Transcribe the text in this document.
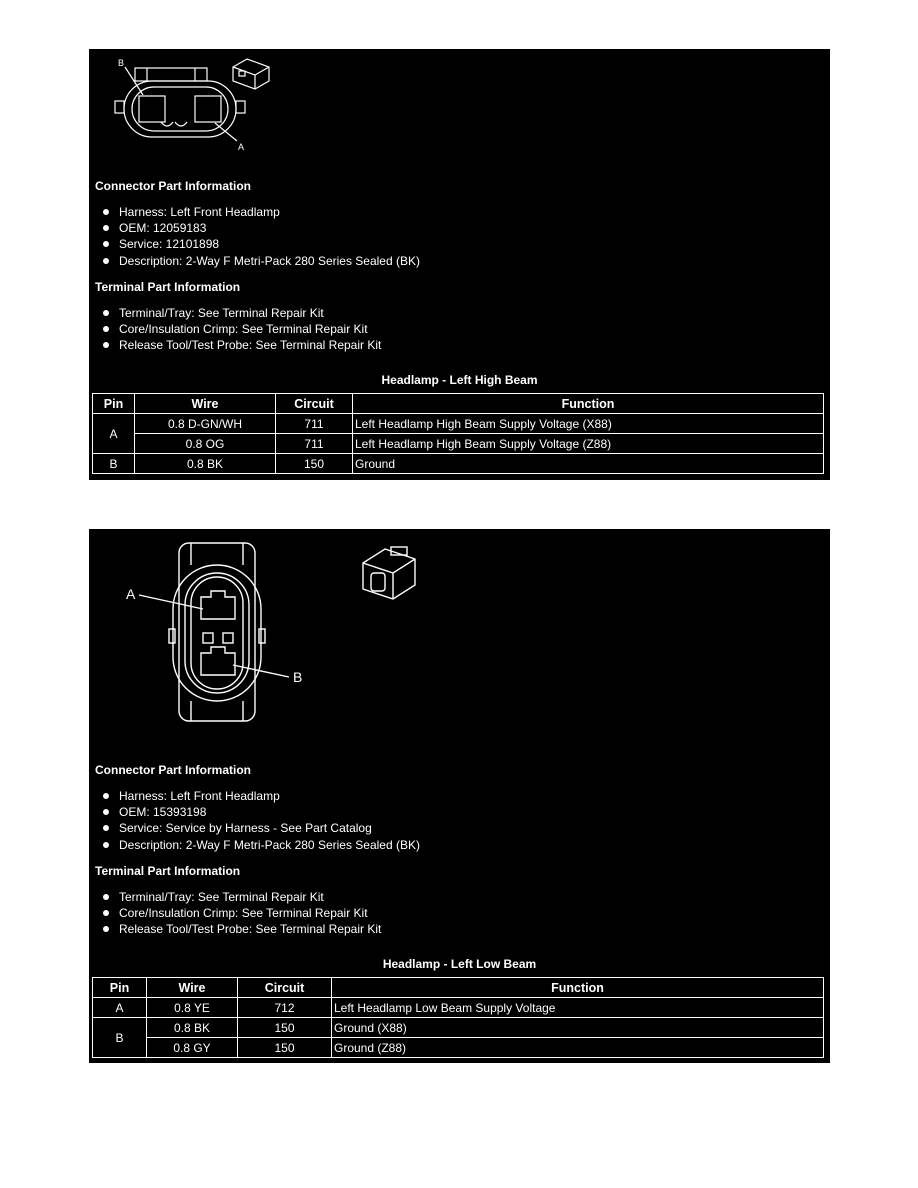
B
A
Connector Part Information
Harness: Left Front Headlamp
OEM: 12059183
Service: 12101898
Description: 2-Way F Metri-Pack 280 Series Sealed (BK)
Terminal Part Information
Terminal/Tray: See Terminal Repair Kit
Core/Insulation Crimp: See Terminal Repair Kit
Release Tool/Test Probe: See Terminal Repair Kit
Headlamp - Left High Beam
Pin	Wire	Circuit	Function
A	0.8 D-GN/WH	711	Left Headlamp High Beam Supply Voltage (X88)
	0.8 OG	711	Left Headlamp High Beam Supply Voltage (Z88)
B	0.8 BK	150	Ground
A
B
Connector Part Information
Harness: Left Front Headlamp
OEM: 15393198
Service: Service by Harness - See Part Catalog
Description: 2-Way F Metri-Pack 280 Series Sealed (BK)
Terminal Part Information
Terminal/Tray: See Terminal Repair Kit
Core/Insulation Crimp: See Terminal Repair Kit
Release Tool/Test Probe: See Terminal Repair Kit
Headlamp - Left Low Beam
Pin	Wire	Circuit	Function
A	0.8 YE	712	Left Headlamp Low Beam Supply Voltage
B	0.8 BK	150	Ground (X88)
	0.8 GY	150	Ground (Z88)
